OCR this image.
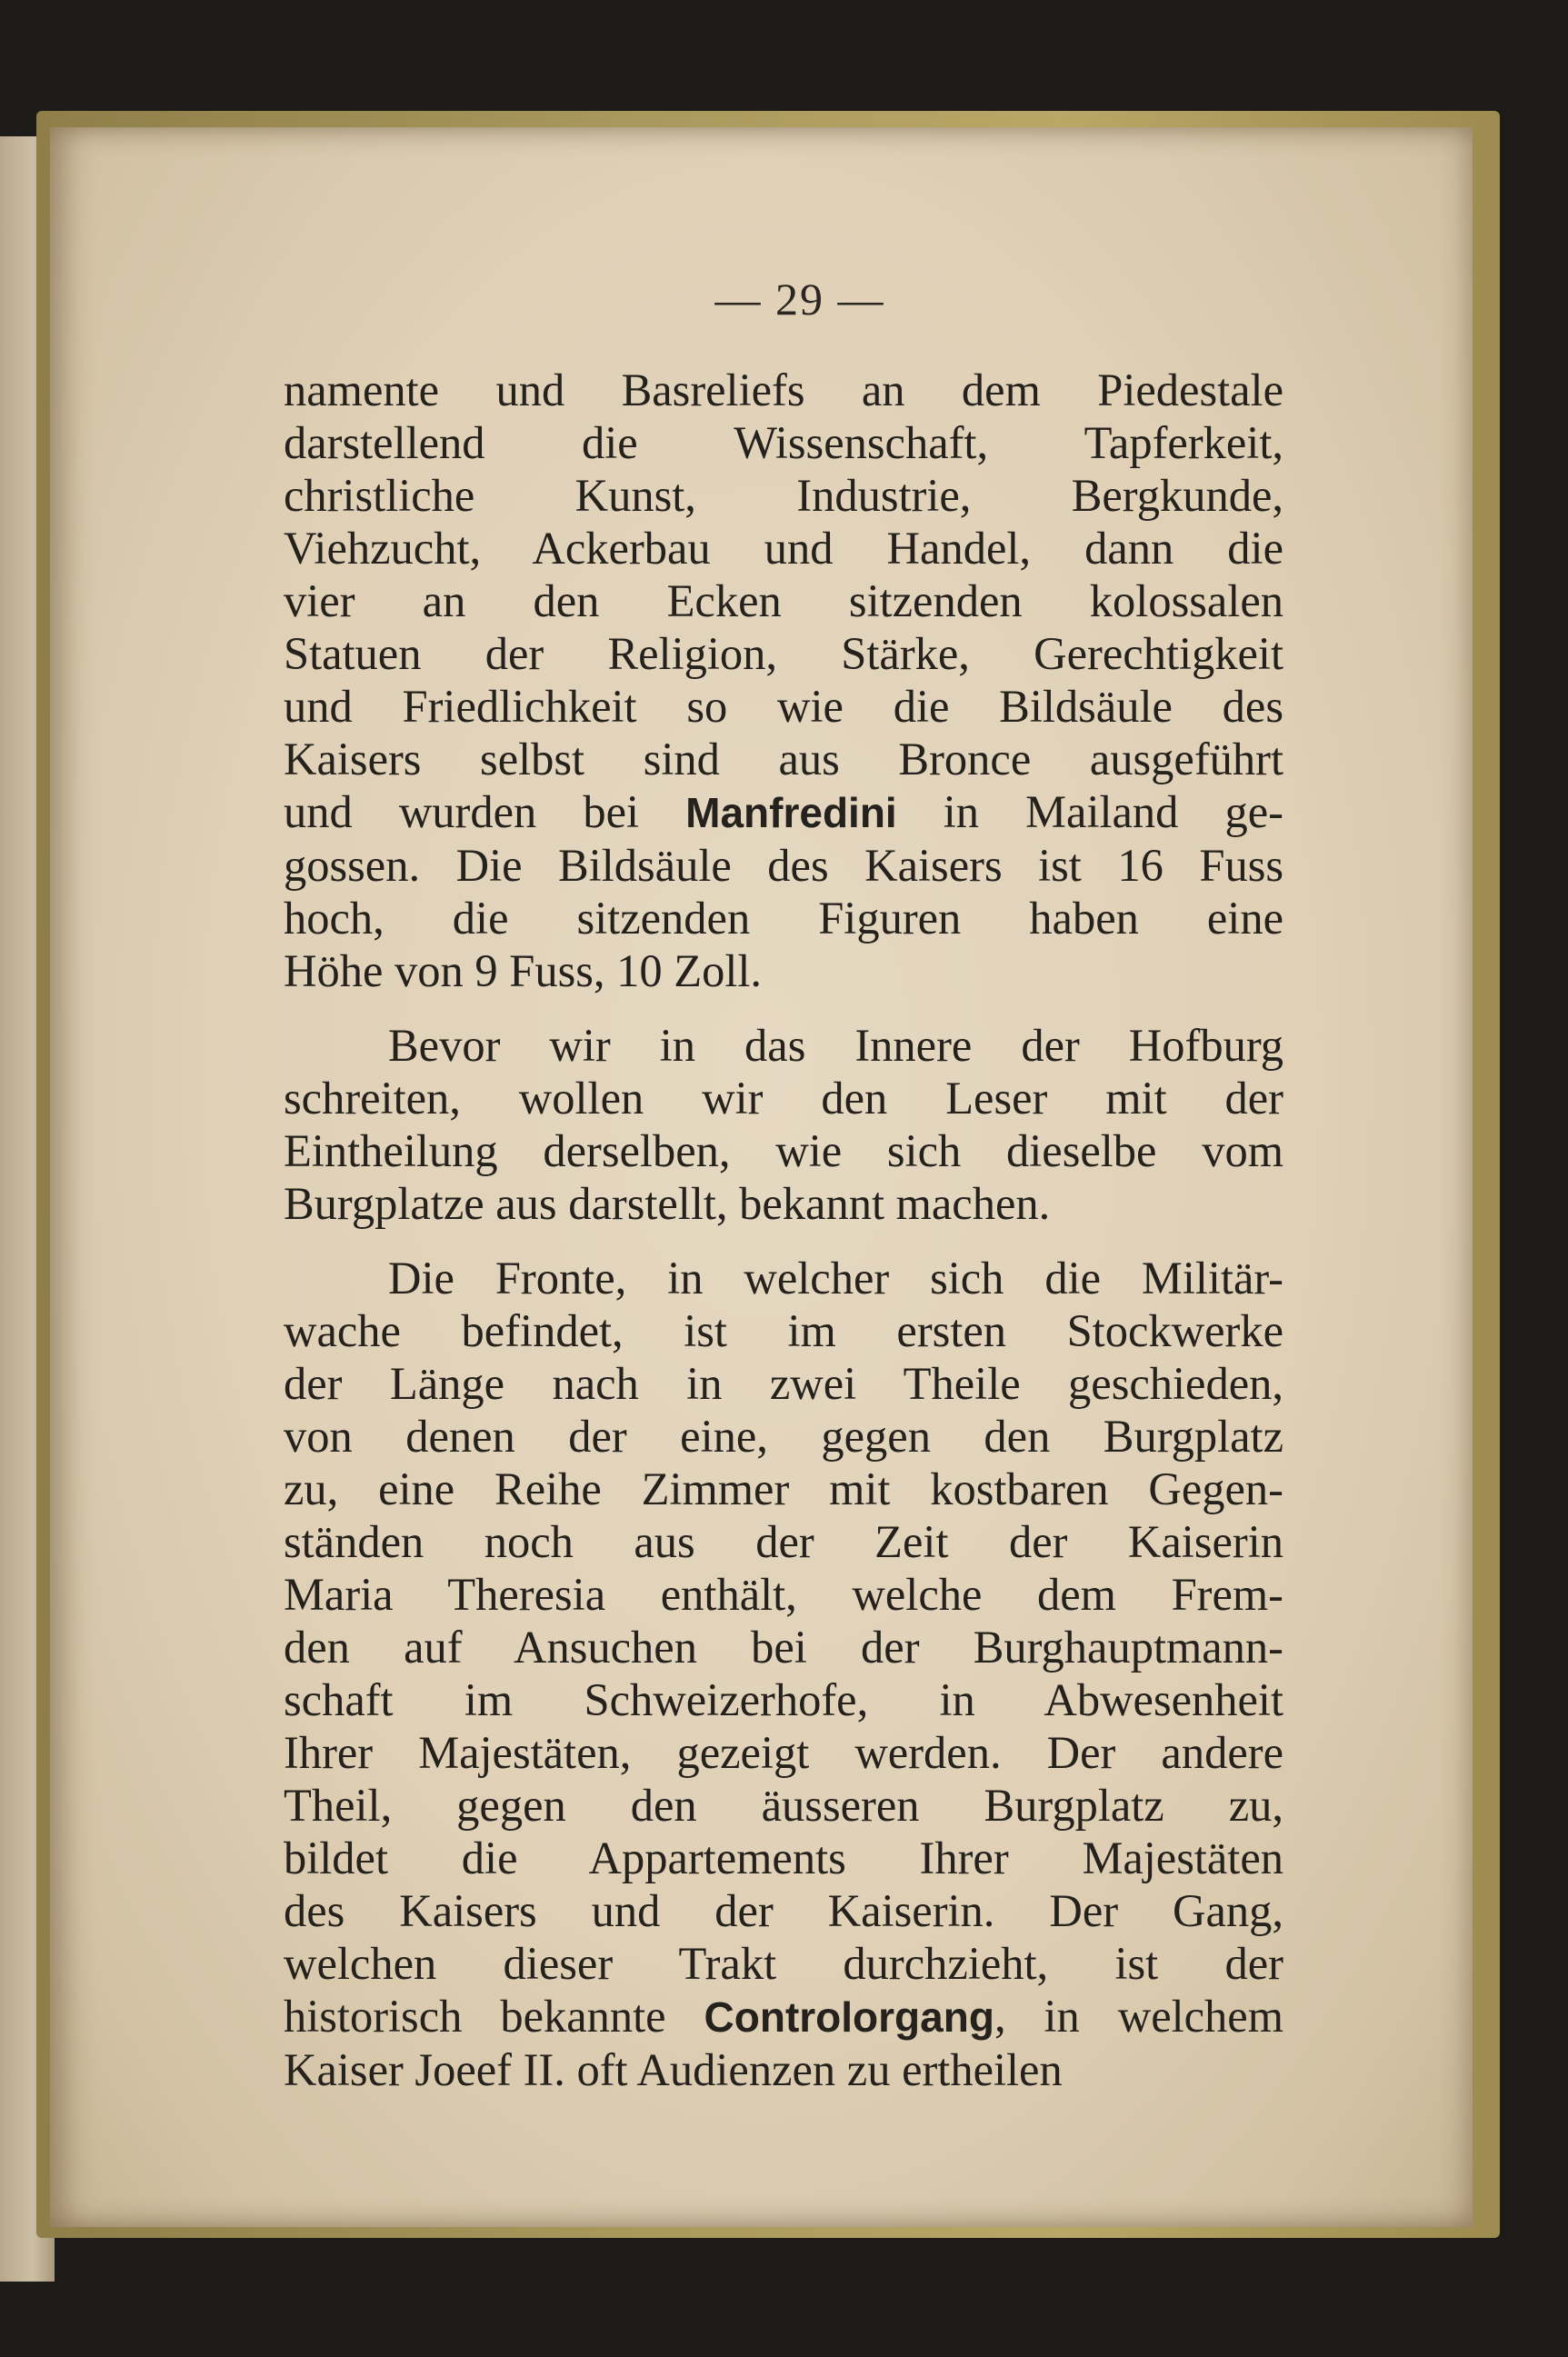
— 29 —
namente und Basreliefs an dem Piedestale
darstellend die Wissenschaft, Tapferkeit,
christliche Kunst, Industrie, Bergkunde,
Viehzucht, Ackerbau und Handel, dann die
vier an den Ecken sitzenden kolossalen
Statuen der Religion, Stärke, Gerechtigkeit
und Friedlichkeit so wie die Bildsäule des
Kaisers selbst sind aus Bronce ausgeführt
und wurden bei Manfredini in Mailand ge-
gossen. Die Bildsäule des Kaisers ist 16 Fuss
hoch, die sitzenden Figuren haben eine
Höhe von 9 Fuss, 10 Zoll.
Bevor wir in das Innere der Hofburg
schreiten, wollen wir den Leser mit der
Eintheilung derselben, wie sich dieselbe vom
Burgplatze aus darstellt, bekannt machen.
Die Fronte, in welcher sich die Militär-
wache befindet, ist im ersten Stockwerke
der Länge nach in zwei Theile geschieden,
von denen der eine, gegen den Burgplatz
zu, eine Reihe Zimmer mit kostbaren Gegen-
ständen noch aus der Zeit der Kaiserin
Maria Theresia enthält, welche dem Frem-
den auf Ansuchen bei der Burghauptmann-
schaft im Schweizerhofe, in Abwesenheit
Ihrer Majestäten, gezeigt werden. Der andere
Theil, gegen den äusseren Burgplatz zu,
bildet die Appartements Ihrer Majestäten
des Kaisers und der Kaiserin. Der Gang,
welchen dieser Trakt durchzieht, ist der
historisch bekannte Controlorgang, in welchem
Kaiser Joeef II. oft Audienzen zu ertheilen
